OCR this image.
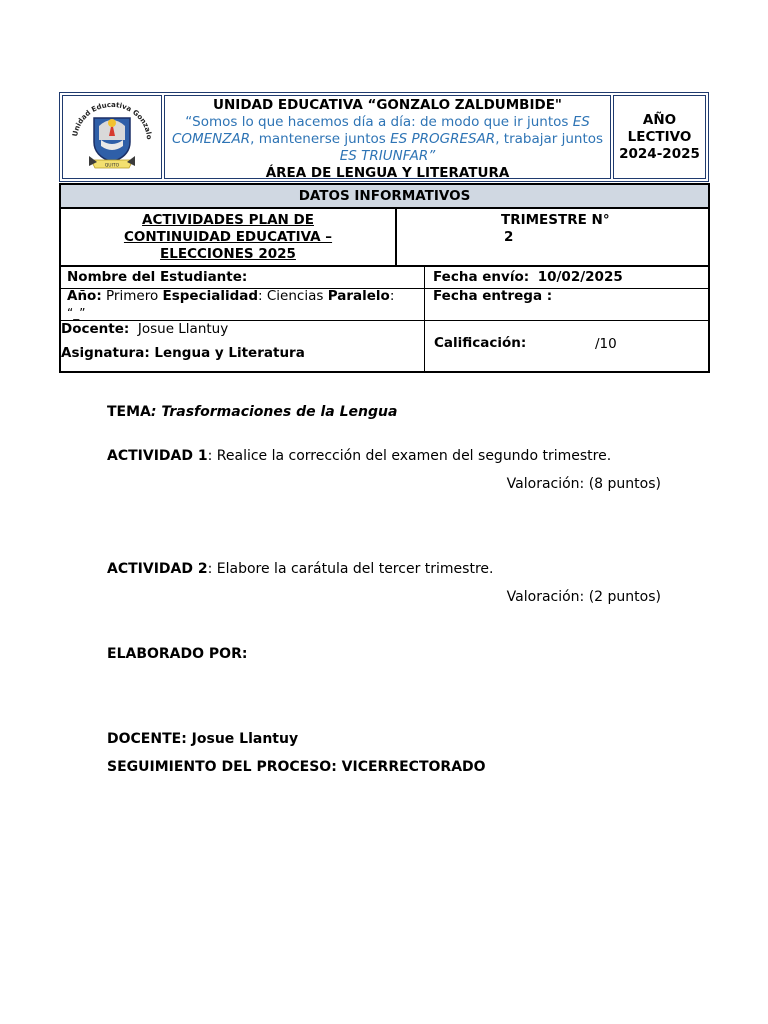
Unidad Educativa Gonzalo
QUITO
UNIDAD EDUCATIVA “GONZALO ZALDUMBIDE"
“Somos lo que hacemos día a día: de modo que ir juntos ES
COMENZAR, mantenerse juntos ES PROGRESAR, trabajar juntos
ES TRIUNFAR”
ÁREA DE LENGUA Y LITERATURA
AÑO
LECTIVO
2024-2025
DATOS INFORMATIVOS
ACTIVIDADES PLAN DE
CONTINUIDAD EDUCATIVA –
ELECCIONES 2025
TRIMESTRE N°
2
Nombre del Estudiante:	Fecha envío: 10/02/2025
Año: Primero Especialidad: Ciencias Paralelo:
“_”
Fecha entrega :
Docente: Josue Llantuy
Asignatura: Lengua y Literatura
Calificación:	/10
TEMA: Trasformaciones de la Lengua
ACTIVIDAD 1: Realice la corrección del examen del segundo trimestre.
Valoración: (8 puntos)
ACTIVIDAD 2: Elabore la carátula del tercer trimestre.
Valoración: (2 puntos)
ELABORADO POR:
DOCENTE: Josue Llantuy
SEGUIMIENTO DEL PROCESO: VICERRECTORADO
